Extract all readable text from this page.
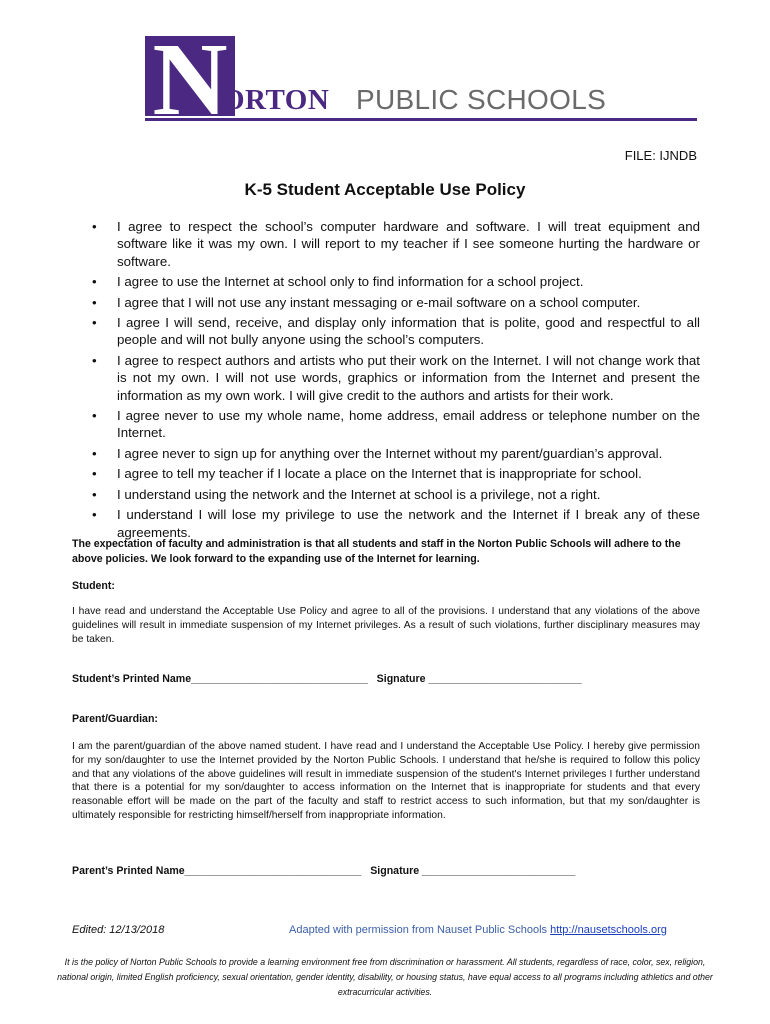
N
ORTON PUBLIC SCHOOLS
FILE: IJNDB
K-5 Student Acceptable Use Policy
• I agree to respect the school’s computer hardware and software. I will treat equipment and software like it was my own. I will report to my teacher if I see someone hurting the hardware or software.
• I agree to use the Internet at school only to find information for a school project.
• I agree that I will not use any instant messaging or e-mail software on a school computer.
• I agree I will send, receive, and display only information that is polite, good and respectful to all people and will not bully anyone using the school’s computers.
• I agree to respect authors and artists who put their work on the Internet. I will not change work that is not my own. I will not use words, graphics or information from the Internet and present the information as my own work. I will give credit to the authors and artists for their work.
• I agree never to use my whole name, home address, email address or telephone number on the Internet.
• I agree never to sign up for anything over the Internet without my parent/guardian’s approval.
• I agree to tell my teacher if I locate a place on the Internet that is inappropriate for school.
• I understand using the network and the Internet at school is a privilege, not a right.
• I understand I will lose my privilege to use the network and the Internet if I break any of these agreements.
The expectation of faculty and administration is that all students and staff in the Norton Public Schools will adhere to the above policies. We look forward to the expanding use of the Internet for learning.
Student:
I have read and understand the Acceptable Use Policy and agree to all of the provisions. I understand that any violations of the above guidelines will result in immediate suspension of my Internet privileges. As a result of such violations, further disciplinary measures may be taken.
Student’s Printed Name______________________________   Signature __________________________
Parent/Guardian:
I am the parent/guardian of the above named student. I have read and I understand the Acceptable Use Policy. I hereby give permission for my son/daughter to use the Internet provided by the Norton Public Schools. I understand that he/she is required to follow this policy and that any violations of the above guidelines will result in immediate suspension of the student's Internet privileges I further understand that there is a potential for my son/daughter to access information on the Internet that is inappropriate for students and that every reasonable effort will be made on the part of the faculty and staff to restrict access to such information, but that my son/daughter is ultimately responsible for restricting himself/herself from inappropriate information.
Parent’s Printed Name______________________________   Signature __________________________
Edited: 12/13/2018	Adapted with permission from Nauset Public Schools http://nausetschools.org
It is the policy of Norton Public Schools to provide a learning environment free from discrimination or harassment. All students, regardless of race, color, sex, religion, national origin, limited English proficiency, sexual orientation, gender identity, disability, or housing status, have equal access to all programs including athletics and other extracurricular activities.
